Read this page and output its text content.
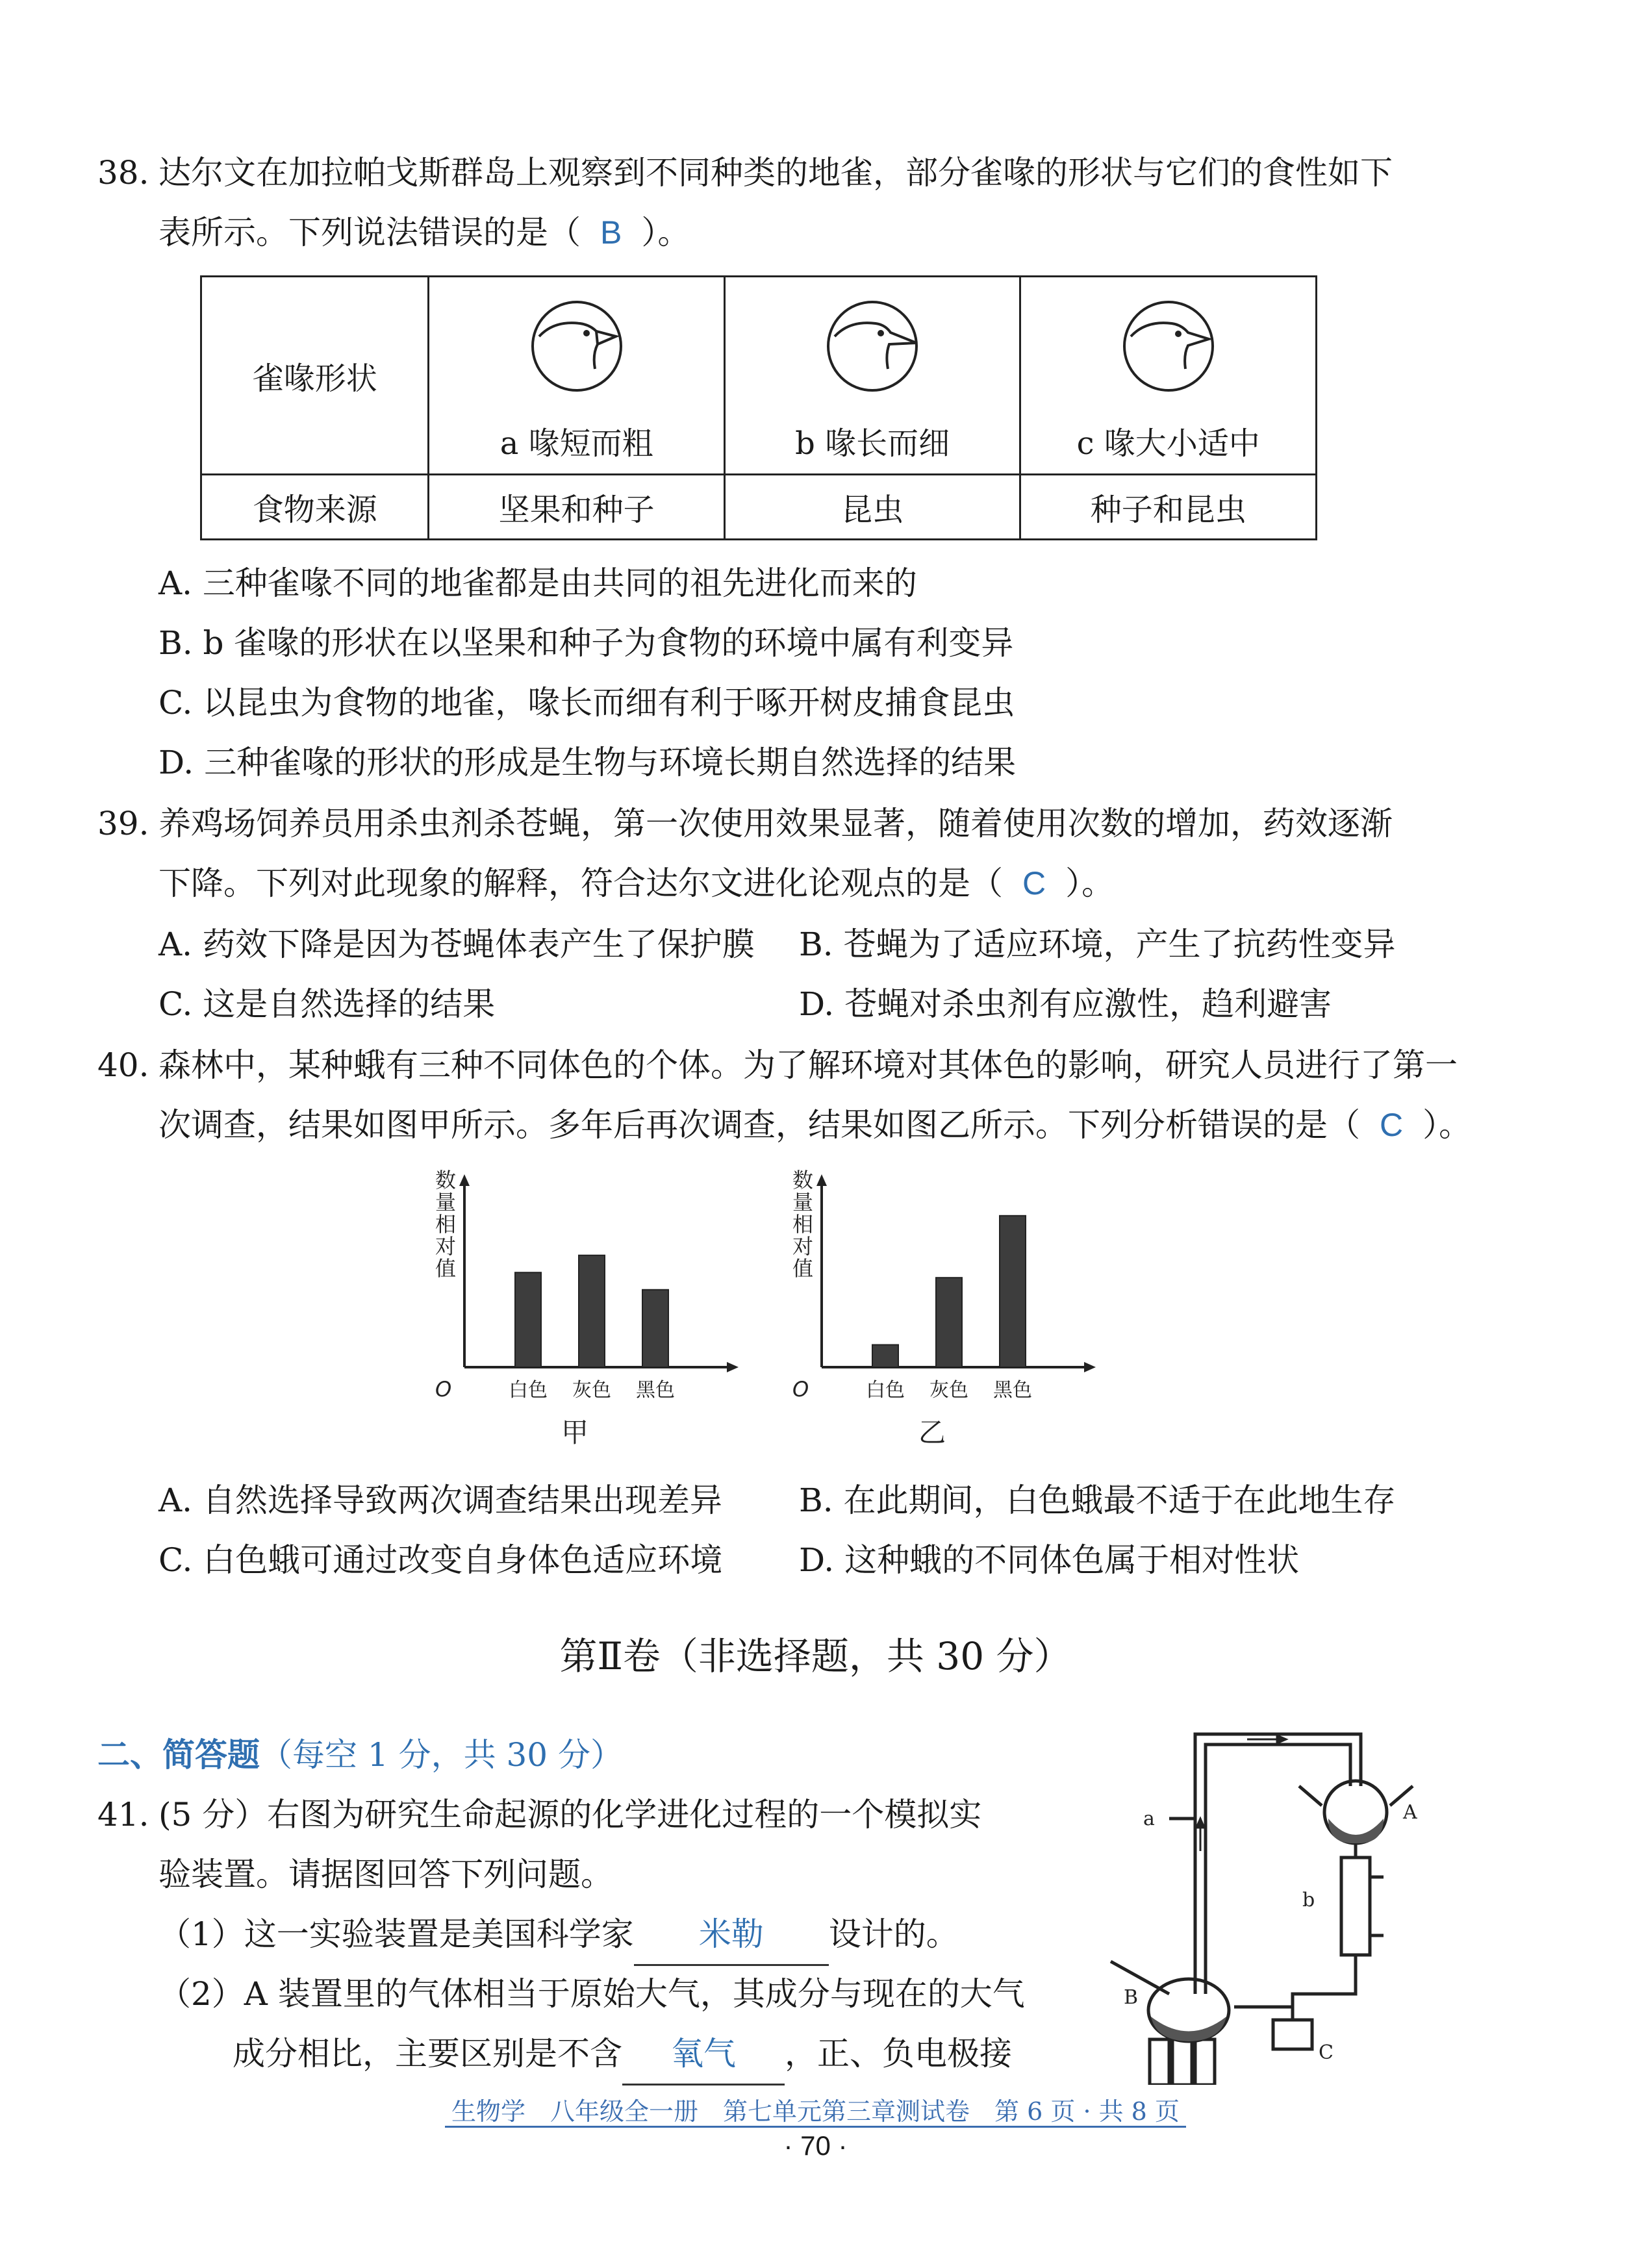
38. 达尔文在加拉帕戈斯群岛上观察到不同种类的地雀，部分雀喙的形状与它们的食性如下
表所示。下列说法错误的是（ B ）。
雀喙形状	a 喙短而粗	b 喙长而细	c 喙大小适中

食物来源	坚果和种子	昆虫	种子和昆虫
A. 三种雀喙不同的地雀都是由共同的祖先进化而来的
B. b 雀喙的形状在以坚果和种子为食物的环境中属有利变异
C. 以昆虫为食物的地雀，喙长而细有利于啄开树皮捕食昆虫
D. 三种雀喙的形状的形成是生物与环境长期自然选择的结果
39. 养鸡场饲养员用杀虫剂杀苍蝇，第一次使用效果显著，随着使用次数的增加，药效逐渐
下降。下列对此现象的解释，符合达尔文进化论观点的是（ C ）。
A. 药效下降是因为苍蝇体表产生了保护膜 B. 苍蝇为了适应环境，产生了抗药性变异
C. 这是自然选择的结果	D. 苍蝇对杀虫剂有应激性，趋利避害
40. 森林中，某种蛾有三种不同体色的个体。为了解环境对其体色的影响，研究人员进行了第一
次调查，结果如图甲所示。多年后再次调查，结果如图乙所示。下列分析错误的是（ C ）。
数
量
相
对
值
O	白色 灰色 黑色
甲
数
量
相
对
值
O	白色 灰色 黑色
乙
A. 自然选择导致两次调查结果出现差异 B. 在此期间，白色蛾最不适于在此地生存
C. 白色蛾可通过改变自身体色适应环境 D. 这种蛾的不同体色属于相对性状
第Ⅱ卷（非选择题，共 30 分）
二、简答题（每空 1 分，共 30 分）
41. (5 分）右图为研究生命起源的化学进化过程的一个模拟实
验装置。请据图回答下列问题。
（1）这一实验装置是美国科学家 米勒 设计的。
（2）A 装置里的气体相当于原始大气，其成分与现在的大气
成分相比，主要区别是不含 氧气 ，正、负电极接
A
a
b
B
C
生物学　八年级全一册　第七单元第三章测试卷　第 6 页 · 共 8 页
· 70 ·
